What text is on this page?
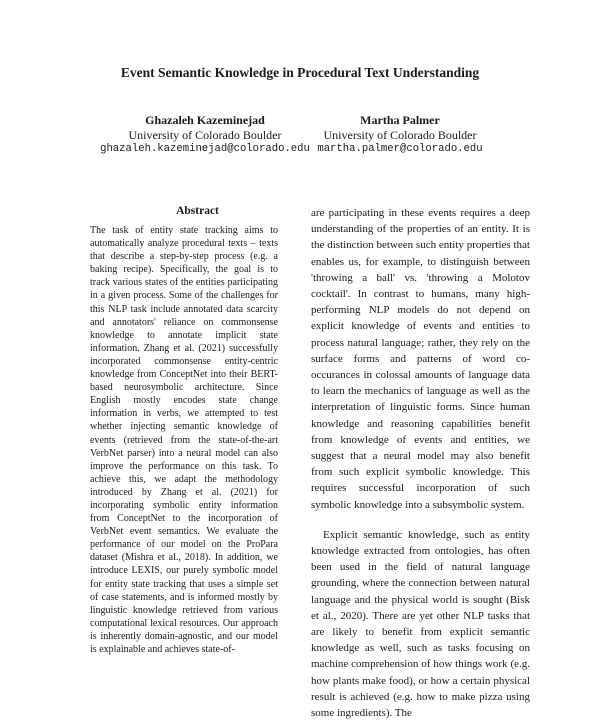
Event Semantic Knowledge in Procedural Text Understanding
Ghazaleh Kazeminejad
University of Colorado Boulder
ghazaleh.kazeminejad@colorado.edu
Martha Palmer
University of Colorado Boulder
martha.palmer@colorado.edu
Abstract

The task of entity state tracking aims to automatically analyze procedural texts – texts that describe a step-by-step process (e.g. a baking recipe). Specifically, the goal is to track various states of the entities participating in a given process. Some of the challenges for this NLP task include annotated data scarcity and annotators' reliance on commonsense knowledge to annotate implicit state information. Zhang et al. (2021) successfully incorporated commonsense entity-centric knowledge from ConceptNet into their BERT-based neurosymbolic architecture. Since English mostly encodes state change information in verbs, we attempted to test whether injecting semantic knowledge of events (retrieved from the state-of-the-art VerbNet parser) into a neural model can also improve the performance on this task. To achieve this, we adapt the methodology introduced by Zhang et al. (2021) for incorporating symbolic entity information from ConceptNet to the incorporation of VerbNet event semantics. We evaluate the performance of our model on the ProPara dataset (Mishra et al., 2018). In addition, we introduce LEXIS, our purely symbolic model for entity state tracking that uses a simple set of case statements, and is informed mostly by linguistic knowledge retrieved from various computational lexical resources. Our approach is inherently domain-agnostic, and our model is explainable and achieves state-of-

are participating in these events requires a deep understanding of the properties of an entity. It is the distinction between such entity properties that enables us, for example, to distinguish between 'throwing a ball' vs. 'throwing a Molotov cocktail'. In contrast to humans, many high-performing NLP models do not depend on explicit knowledge of events and entities to process natural language; rather, they rely on the surface forms and patterns of word co-occurances in colossal amounts of language data to learn the mechanics of language as well as the interpretation of linguistic forms. Since human knowledge and reasoning capabilities benefit from knowledge of events and entities, we suggest that a neural model may also benefit from such explicit symbolic knowledge. This requires successful incorporation of such symbolic knowledge into a subsymbolic system.

Explicit semantic knowledge, such as entity knowledge extracted from ontologies, has often been used in the field of natural language grounding, where the connection between natural language and the physical world is sought (Bisk et al., 2020). There are yet other NLP tasks that are likely to benefit from explicit semantic knowledge as well, such as tasks focusing on machine comprehension of how things work (e.g. how plants make food), or how a certain physical result is achieved (e.g. how to make pizza using some ingredients). The
